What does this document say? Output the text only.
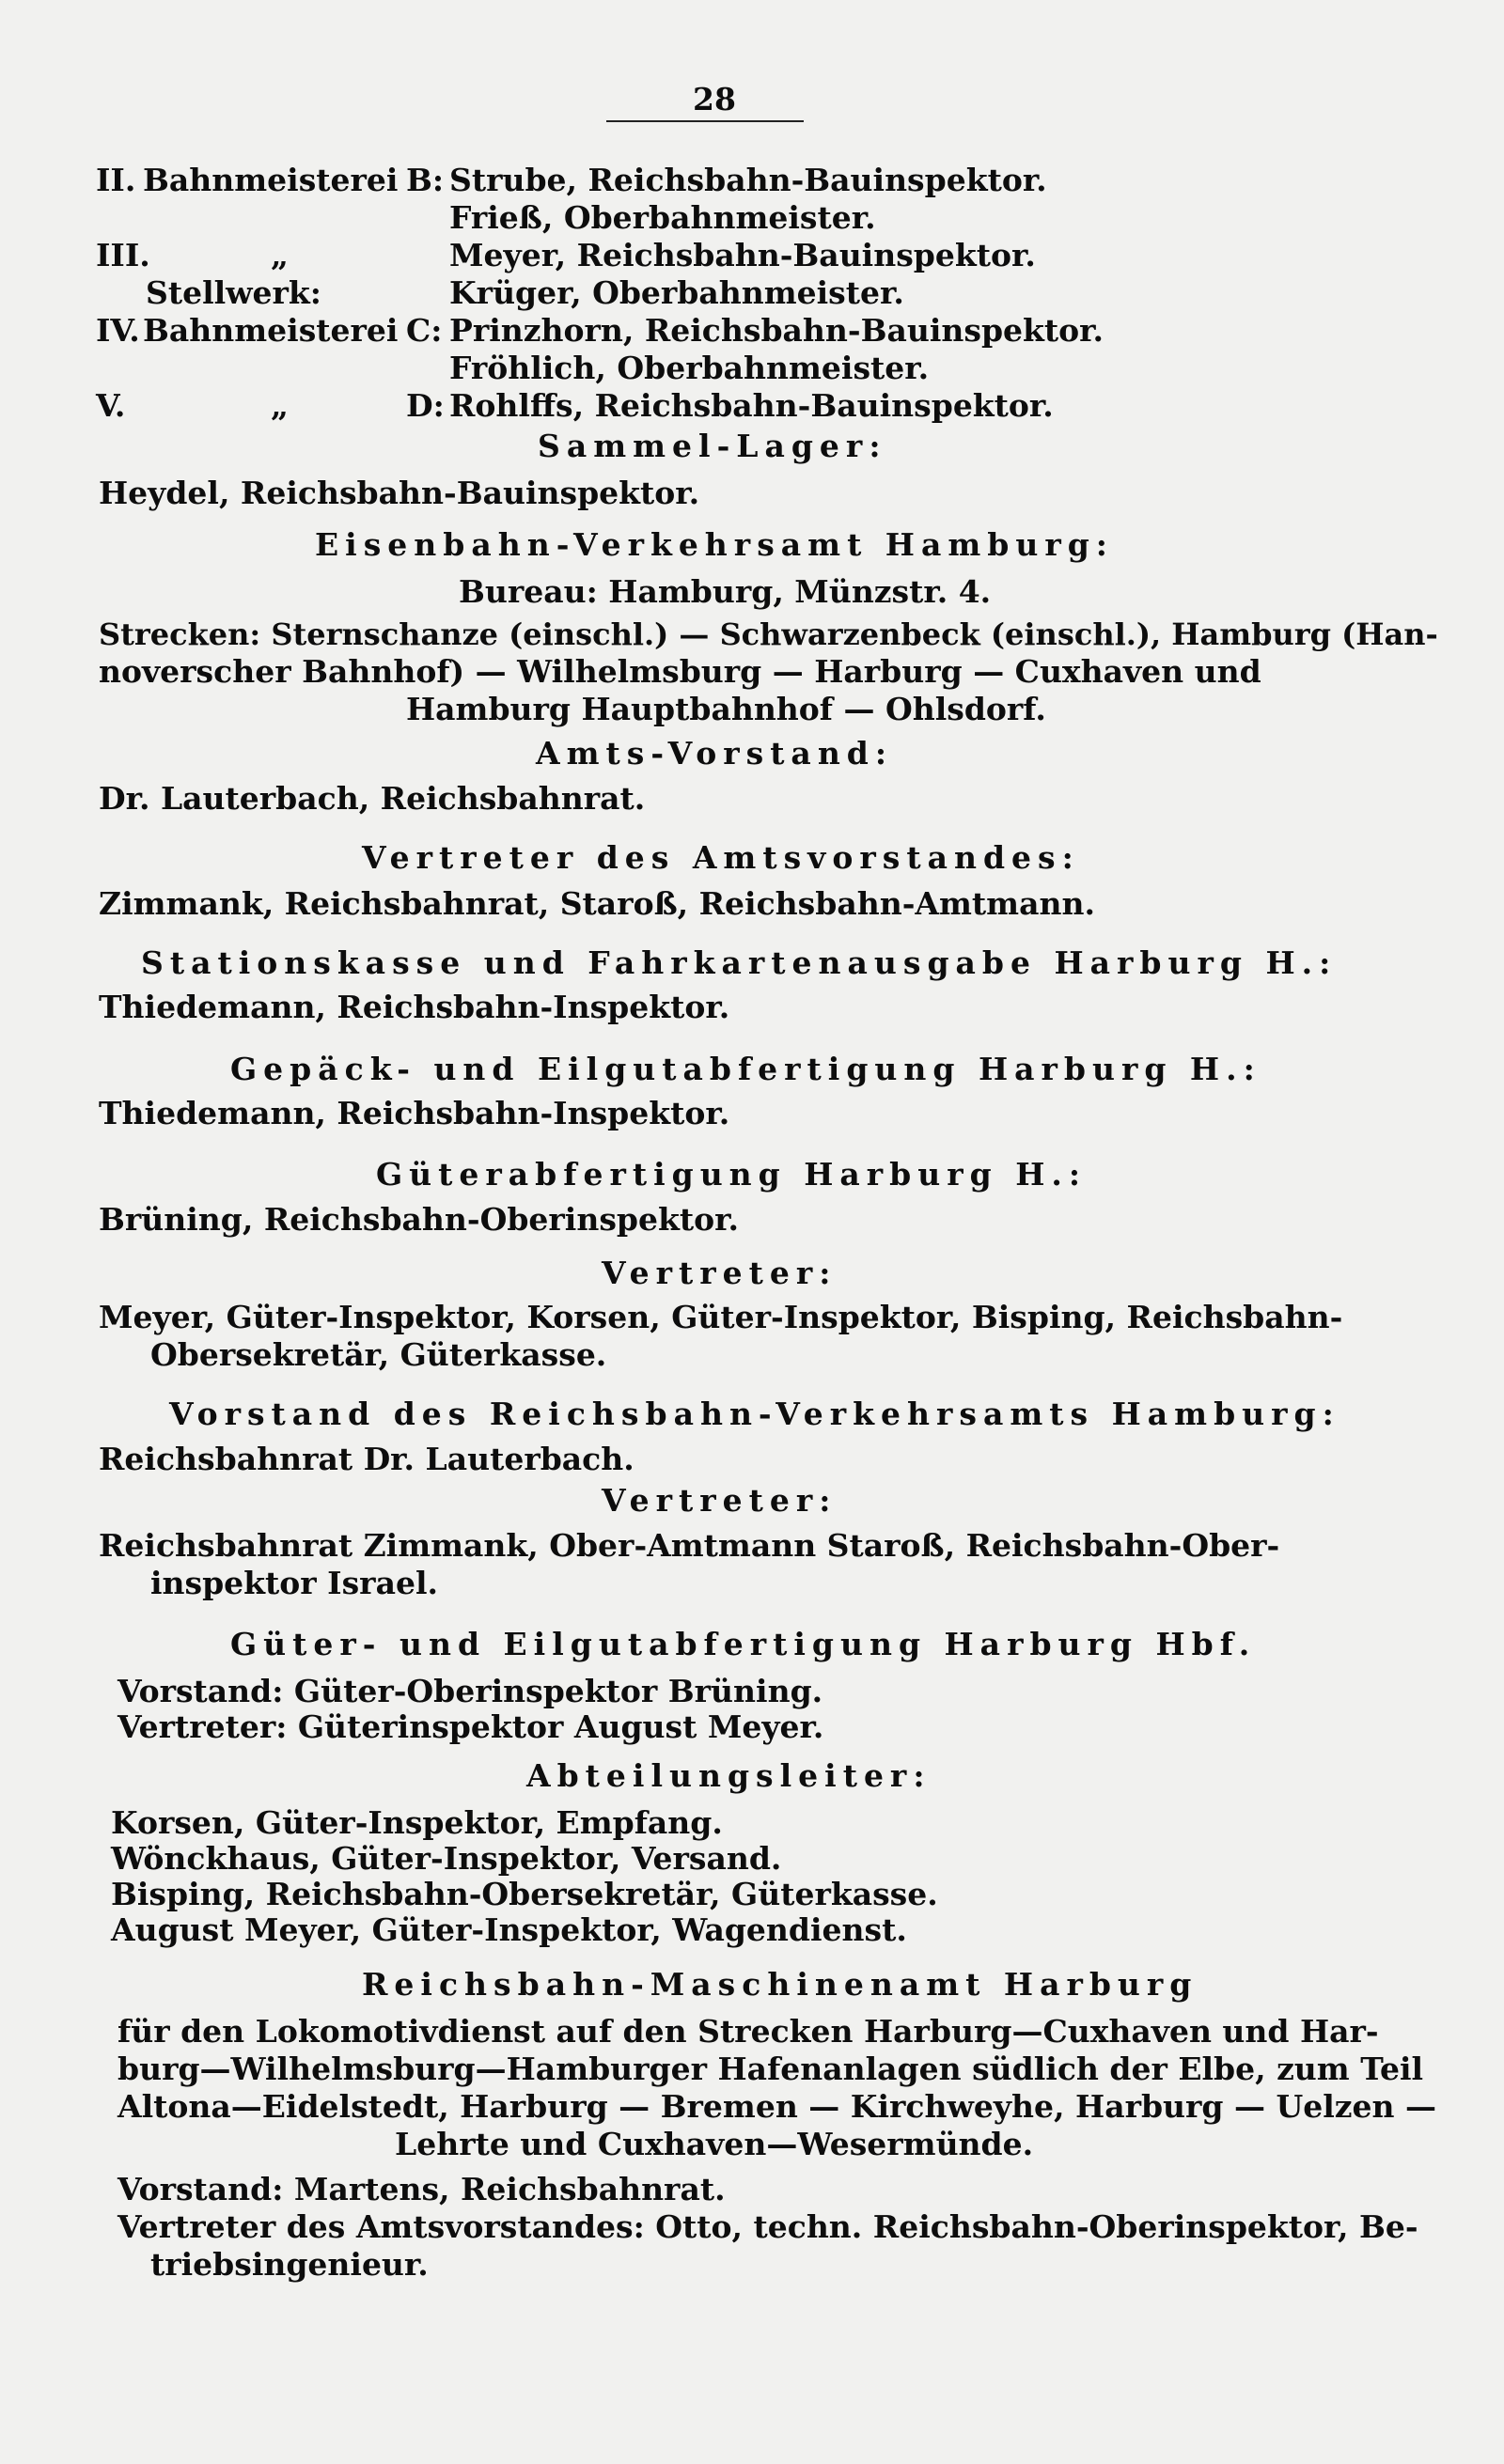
28
II. Bahnmeisterei B: Strube, Reichsbahn-Bauinspektor.
Frieß, Oberbahnmeister.
III.	„	Meyer, Reichsbahn-Bauinspektor.
Stellwerk:	Krüger, Oberbahnmeister.
IV. Bahnmeisterei C: Prinzhorn, Reichsbahn-Bauinspektor.
Fröhlich, Oberbahnmeister.
V.	„	D: Rohlffs, Reichsbahn-Bauinspektor.
Sammel-Lager:
Heydel, Reichsbahn-Bauinspektor.
Eisenbahn-Verkehrsamt Hamburg:
Bureau: Hamburg, Münzstr. 4.
Strecken: Sternschanze (einschl.) — Schwarzenbeck (einschl.), Hamburg (Han-
noverscher Bahnhof) — Wilhelmsburg — Harburg — Cuxhaven und
Hamburg Hauptbahnhof — Ohlsdorf.
Amts-Vorstand:
Dr. Lauterbach, Reichsbahnrat.
Vertreter des Amtsvorstandes:
Zimmank, Reichsbahnrat, Staroß, Reichsbahn-Amtmann.
Stationskasse und Fahrkartenausgabe Harburg H.:
Thiedemann, Reichsbahn-Inspektor.
Gepäck- und Eilgutabfertigung Harburg H.:
Thiedemann, Reichsbahn-Inspektor.
Güterabfertigung Harburg H.:
Brüning, Reichsbahn-Oberinspektor.
Vertreter:
Meyer, Güter-Inspektor, Korsen, Güter-Inspektor, Bisping, Reichsbahn-
Obersekretär, Güterkasse.
Vorstand des Reichsbahn-Verkehrsamts Hamburg:
Reichsbahnrat Dr. Lauterbach.
Vertreter:
Reichsbahnrat Zimmank, Ober-Amtmann Staroß, Reichsbahn-Ober-
inspektor Israel.
Güter- und Eilgutabfertigung Harburg Hbf.
Vorstand: Güter-Oberinspektor Brüning.
Vertreter: Güterinspektor August Meyer.
Abteilungsleiter:
Korsen, Güter-Inspektor, Empfang.
Wönckhaus, Güter-Inspektor, Versand.
Bisping, Reichsbahn-Obersekretär, Güterkasse.
August Meyer, Güter-Inspektor, Wagendienst.
Reichsbahn-Maschinenamt Harburg
für den Lokomotivdienst auf den Strecken Harburg—Cuxhaven und Har-
burg—Wilhelmsburg—Hamburger Hafenanlagen südlich der Elbe, zum Teil
Altona—Eidelstedt, Harburg — Bremen — Kirchweyhe, Harburg — Uelzen —
Lehrte und Cuxhaven—Wesermünde.
Vorstand: Martens, Reichsbahnrat.
Vertreter des Amtsvorstandes: Otto, techn. Reichsbahn-Oberinspektor, Be-
triebsingenieur.
